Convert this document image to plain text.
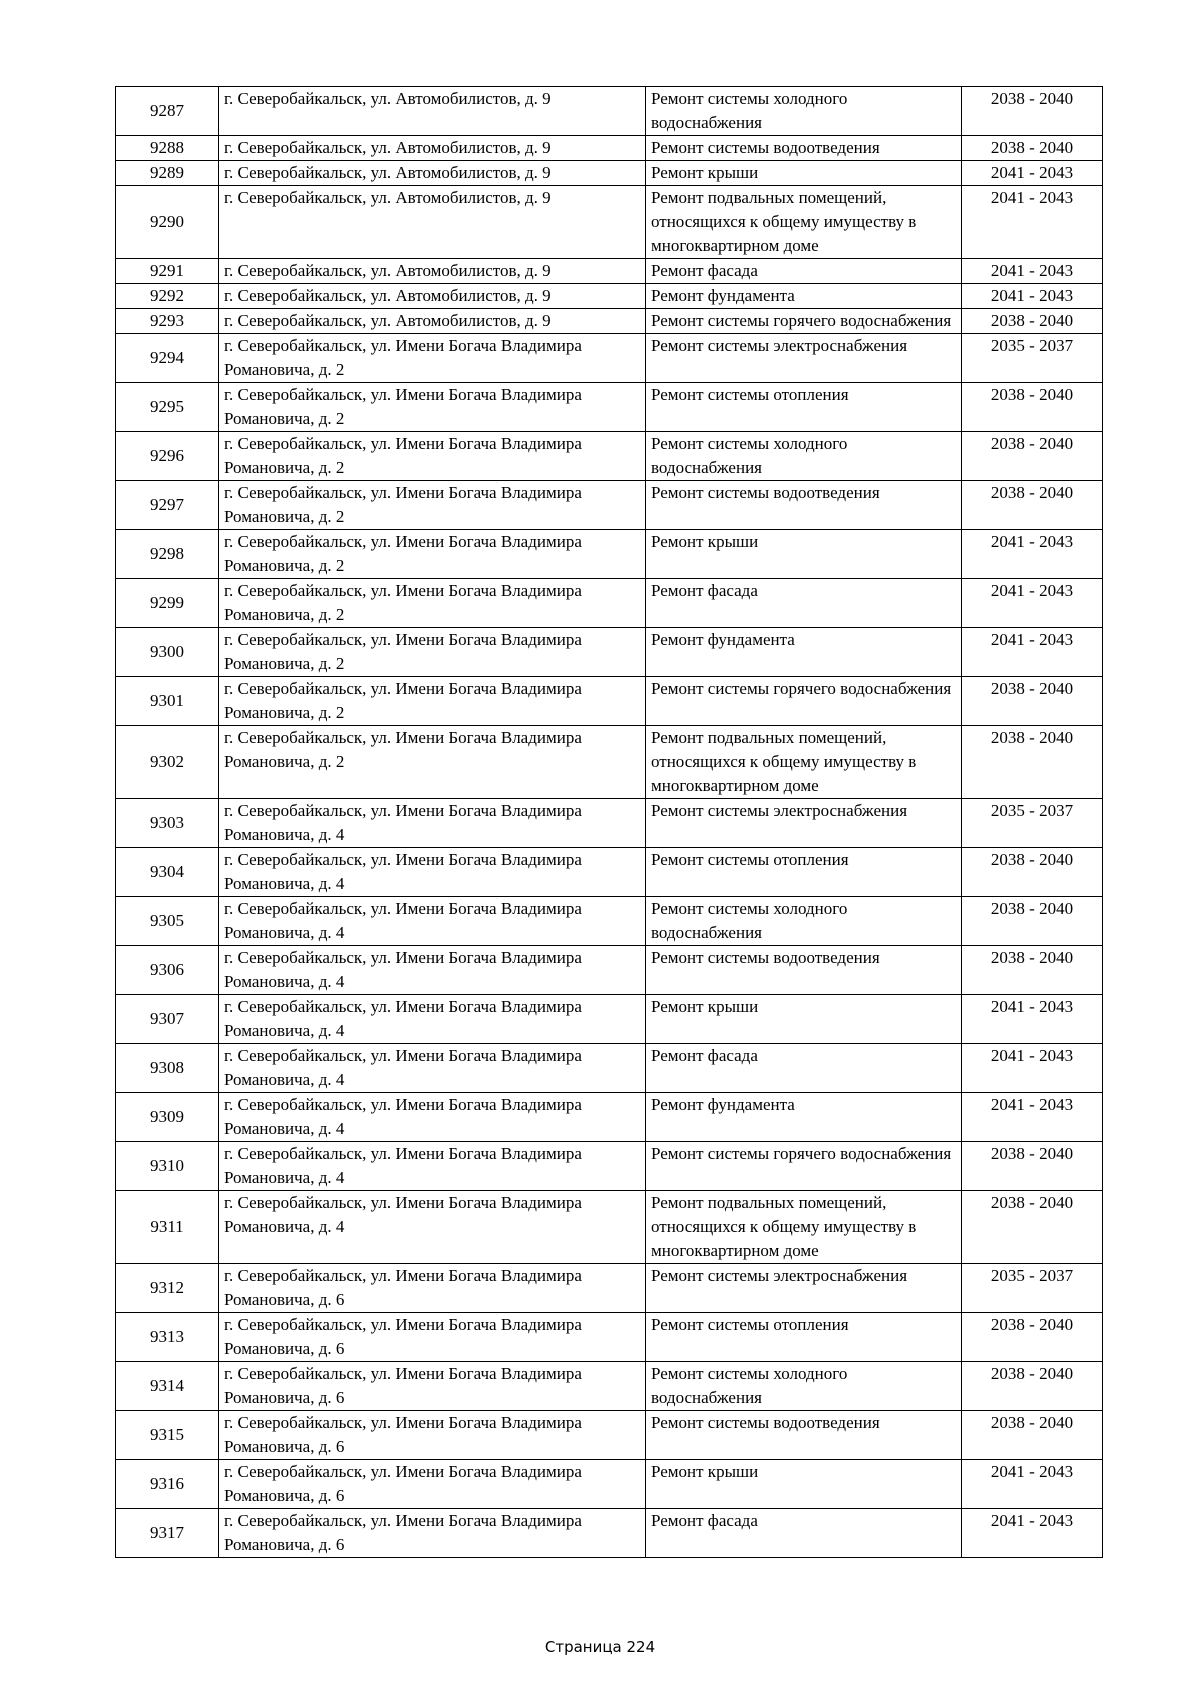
9287	г. Северобайкальск, ул. Автомобилистов, д. 9	Ремонт системы холодного водоснабжения	2038 - 2040
9288	г. Северобайкальск, ул. Автомобилистов, д. 9	Ремонт системы водоотведения	2038 - 2040
9289	г. Северобайкальск, ул. Автомобилистов, д. 9	Ремонт крыши	2041 - 2043
9290	г. Северобайкальск, ул. Автомобилистов, д. 9	Ремонт подвальных помещений, относящихся к общему имуществу в многоквартирном доме	2041 - 2043
9291	г. Северобайкальск, ул. Автомобилистов, д. 9	Ремонт фасада	2041 - 2043
9292	г. Северобайкальск, ул. Автомобилистов, д. 9	Ремонт фундамента	2041 - 2043
9293	г. Северобайкальск, ул. Автомобилистов, д. 9	Ремонт системы горячего водоснабжения	2038 - 2040
9294	г. Северобайкальск, ул. Имени Богача Владимира Романовича, д. 2	Ремонт системы электроснабжения	2035 - 2037
9295	г. Северобайкальск, ул. Имени Богача Владимира Романовича, д. 2	Ремонт системы отопления	2038 - 2040
9296	г. Северобайкальск, ул. Имени Богача Владимира Романовича, д. 2	Ремонт системы холодного водоснабжения	2038 - 2040
9297	г. Северобайкальск, ул. Имени Богача Владимира Романовича, д. 2	Ремонт системы водоотведения	2038 - 2040
9298	г. Северобайкальск, ул. Имени Богача Владимира Романовича, д. 2	Ремонт крыши	2041 - 2043
9299	г. Северобайкальск, ул. Имени Богача Владимира Романовича, д. 2	Ремонт фасада	2041 - 2043
9300	г. Северобайкальск, ул. Имени Богача Владимира Романовича, д. 2	Ремонт фундамента	2041 - 2043
9301	г. Северобайкальск, ул. Имени Богача Владимира Романовича, д. 2	Ремонт системы горячего водоснабжения	2038 - 2040
9302	г. Северобайкальск, ул. Имени Богача Владимира Романовича, д. 2	Ремонт подвальных помещений, относящихся к общему имуществу в многоквартирном доме	2038 - 2040
9303	г. Северобайкальск, ул. Имени Богача Владимира Романовича, д. 4	Ремонт системы электроснабжения	2035 - 2037
9304	г. Северобайкальск, ул. Имени Богача Владимира Романовича, д. 4	Ремонт системы отопления	2038 - 2040
9305	г. Северобайкальск, ул. Имени Богача Владимира Романовича, д. 4	Ремонт системы холодного водоснабжения	2038 - 2040
9306	г. Северобайкальск, ул. Имени Богача Владимира Романовича, д. 4	Ремонт системы водоотведения	2038 - 2040
9307	г. Северобайкальск, ул. Имени Богача Владимира Романовича, д. 4	Ремонт крыши	2041 - 2043
9308	г. Северобайкальск, ул. Имени Богача Владимира Романовича, д. 4	Ремонт фасада	2041 - 2043
9309	г. Северобайкальск, ул. Имени Богача Владимира Романовича, д. 4	Ремонт фундамента	2041 - 2043
9310	г. Северобайкальск, ул. Имени Богача Владимира Романовича, д. 4	Ремонт системы горячего водоснабжения	2038 - 2040
9311	г. Северобайкальск, ул. Имени Богача Владимира Романовича, д. 4	Ремонт подвальных помещений, относящихся к общему имуществу в многоквартирном доме	2038 - 2040
9312	г. Северобайкальск, ул. Имени Богача Владимира Романовича, д. 6	Ремонт системы электроснабжения	2035 - 2037
9313	г. Северобайкальск, ул. Имени Богача Владимира Романовича, д. 6	Ремонт системы отопления	2038 - 2040
9314	г. Северобайкальск, ул. Имени Богача Владимира Романовича, д. 6	Ремонт системы холодного водоснабжения	2038 - 2040
9315	г. Северобайкальск, ул. Имени Богача Владимира Романовича, д. 6	Ремонт системы водоотведения	2038 - 2040
9316	г. Северобайкальск, ул. Имени Богача Владимира Романовича, д. 6	Ремонт крыши	2041 - 2043
9317	г. Северобайкальск, ул. Имени Богача Владимира Романовича, д. 6	Ремонт фасада	2041 - 2043
Страница 224
